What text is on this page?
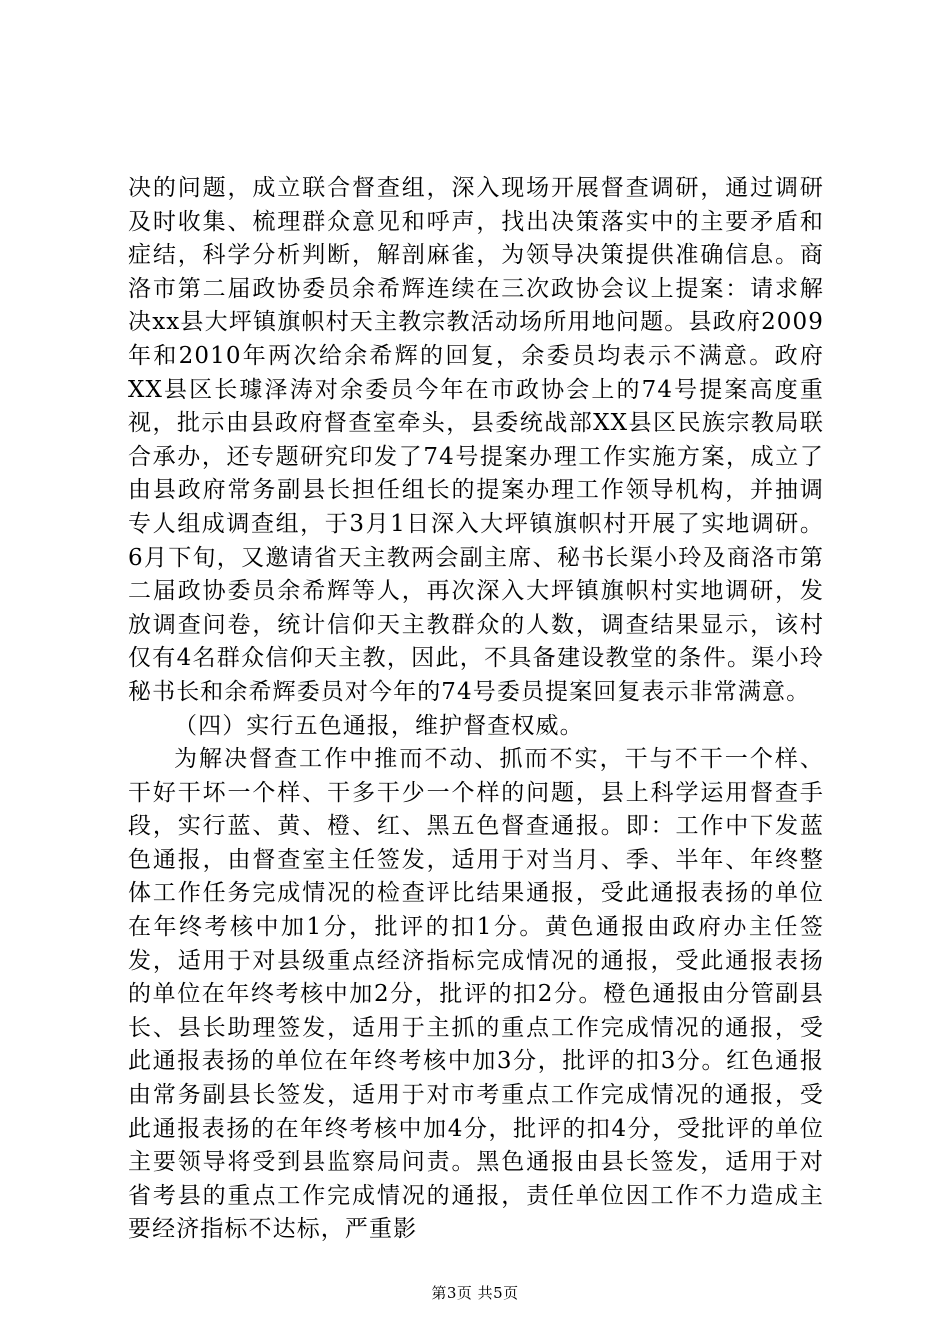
决的问题，成立联合督查组，深入现场开展督查调研，通过调研及时收集、梳理群众意见和呼声，找出决策落实中的主要矛盾和症结，科学分析判断，解剖麻雀，为领导决策提供准确信息。商洛市第二届政协委员余希辉连续在三次政协会议上提案：请求解决xx县大坪镇旗帜村天主教宗教活动场所用地问题。县政府2009年和2010年两次给余希辉的回复，余委员均表示不满意。政府XX县区长璩泽涛对余委员今年在市政协会上的74号提案高度重视，批示由县政府督查室牵头，县委统战部XX县区民族宗教局联合承办，还专题研究印发了74号提案办理工作实施方案，成立了由县政府常务副县长担任组长的提案办理工作领导机构，并抽调专人组成调查组，于3月1日深入大坪镇旗帜村开展了实地调研。6月下旬，又邀请省天主教两会副主席、秘书长渠小玲及商洛市第二届政协委员余希辉等人，再次深入大坪镇旗帜村实地调研，发放调查问卷，统计信仰天主教群众的人数，调查结果显示，该村仅有4名群众信仰天主教，因此，不具备建设教堂的条件。渠小玲秘书长和余希辉委员对今年的74号委员提案回复表示非常满意。

（四）实行五色通报，维护督查权威。

为解决督查工作中推而不动、抓而不实，干与不干一个样、干好干坏一个样、干多干少一个样的问题，县上科学运用督查手段，实行蓝、黄、橙、红、黑五色督查通报。即：工作中下发蓝色通报，由督查室主任签发，适用于对当月、季、半年、年终整体工作任务完成情况的检查评比结果通报，受此通报表扬的单位在年终考核中加1分，批评的扣1分。黄色通报由政府办主任签发，适用于对县级重点经济指标完成情况的通报，受此通报表扬的单位在年终考核中加2分，批评的扣2分。橙色通报由分管副县长、县长助理签发，适用于主抓的重点工作完成情况的通报，受此通报表扬的单位在年终考核中加3分，批评的扣3分。红色通报由常务副县长签发，适用于对市考重点工作完成情况的通报，受此通报表扬的在年终考核中加4分，批评的扣4分，受批评的单位主要领导将受到县监察局问责。黑色通报由县长签发，适用于对省考县的重点工作完成情况的通报，责任单位因工作不力造成主要经济指标不达标，严重影

第3页 共5页
